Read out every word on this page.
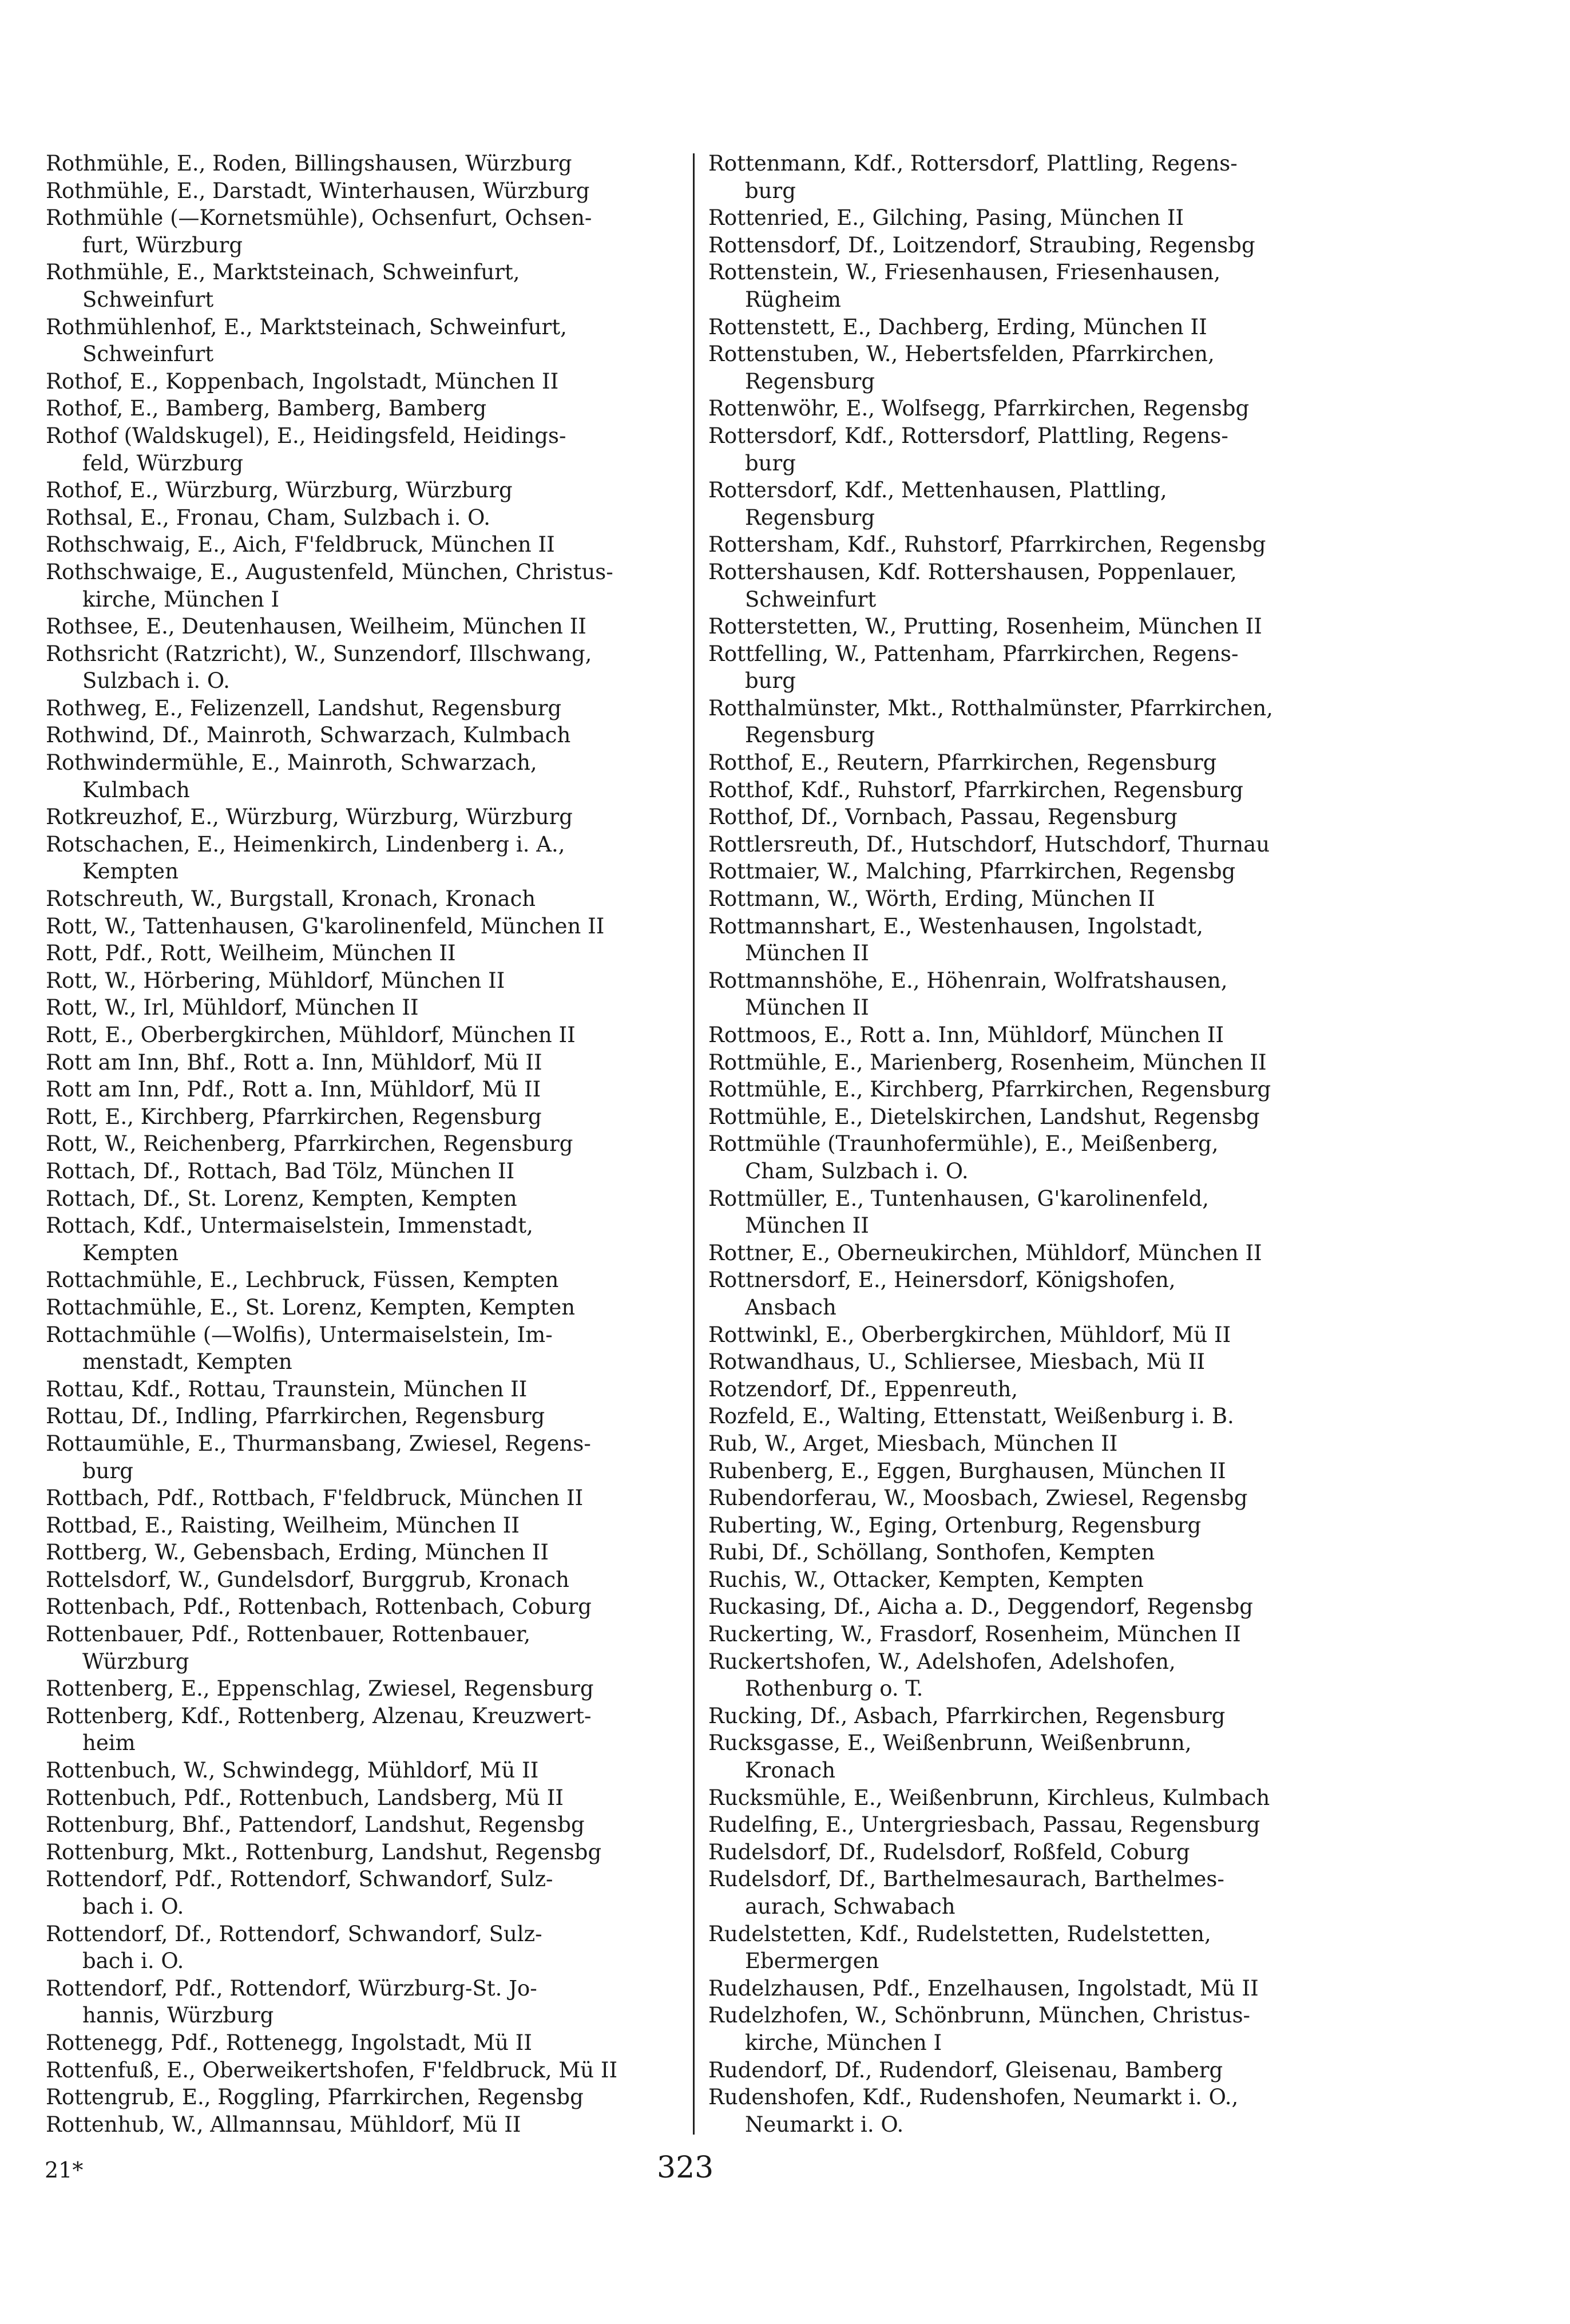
Rothmühle, E., Roden, Billingshausen, Würzburg
Rothmühle, E., Darstadt, Winterhausen, Würzburg
Rothmühle (—Kornetsmühle), Ochsenfurt, Ochsen-
furt, Würzburg
Rothmühle, E., Marktsteinach, Schweinfurt,
Schweinfurt
Rothmühlenhof, E., Marktsteinach, Schweinfurt,
Schweinfurt
Rothof, E., Koppenbach, Ingolstadt, München II
Rothof, E., Bamberg, Bamberg, Bamberg
Rothof (Waldskugel), E., Heidingsfeld, Heidings-
feld, Würzburg
Rothof, E., Würzburg, Würzburg, Würzburg
Rothsal, E., Fronau, Cham, Sulzbach i. O.
Rothschwaig, E., Aich, F'feldbruck, München II
Rothschwaige, E., Augustenfeld, München, Christus-
kirche, München I
Rothsee, E., Deutenhausen, Weilheim, München II
Rothsricht (Ratzricht), W., Sunzendorf, Illschwang,
Sulzbach i. O.
Rothweg, E., Felizenzell, Landshut, Regensburg
Rothwind, Df., Mainroth, Schwarzach, Kulmbach
Rothwindermühle, E., Mainroth, Schwarzach,
Kulmbach
Rotkreuzhof, E., Würzburg, Würzburg, Würzburg
Rotschachen, E., Heimenkirch, Lindenberg i. A.,
Kempten
Rotschreuth, W., Burgstall, Kronach, Kronach
Rott, W., Tattenhausen, G'karolinenfeld, München II
Rott, Pdf., Rott, Weilheim, München II
Rott, W., Hörbering, Mühldorf, München II
Rott, W., Irl, Mühldorf, München II
Rott, E., Oberbergkirchen, Mühldorf, München II
Rott am Inn, Bhf., Rott a. Inn, Mühldorf, Mü II
Rott am Inn, Pdf., Rott a. Inn, Mühldorf, Mü II
Rott, E., Kirchberg, Pfarrkirchen, Regensburg
Rott, W., Reichenberg, Pfarrkirchen, Regensburg
Rottach, Df., Rottach, Bad Tölz, München II
Rottach, Df., St. Lorenz, Kempten, Kempten
Rottach, Kdf., Untermaiselstein, Immenstadt,
Kempten
Rottachmühle, E., Lechbruck, Füssen, Kempten
Rottachmühle, E., St. Lorenz, Kempten, Kempten
Rottachmühle (—Wolfis), Untermaiselstein, Im-
menstadt, Kempten
Rottau, Kdf., Rottau, Traunstein, München II
Rottau, Df., Indling, Pfarrkirchen, Regensburg
Rottaumühle, E., Thurmansbang, Zwiesel, Regens-
burg
Rottbach, Pdf., Rottbach, F'feldbruck, München II
Rottbad, E., Raisting, Weilheim, München II
Rottberg, W., Gebensbach, Erding, München II
Rottelsdorf, W., Gundelsdorf, Burggrub, Kronach
Rottenbach, Pdf., Rottenbach, Rottenbach, Coburg
Rottenbauer, Pdf., Rottenbauer, Rottenbauer,
Würzburg
Rottenberg, E., Eppenschlag, Zwiesel, Regensburg
Rottenberg, Kdf., Rottenberg, Alzenau, Kreuzwert-
heim
Rottenbuch, W., Schwindegg, Mühldorf, Mü II
Rottenbuch, Pdf., Rottenbuch, Landsberg, Mü II
Rottenburg, Bhf., Pattendorf, Landshut, Regensbg
Rottenburg, Mkt., Rottenburg, Landshut, Regensbg
Rottendorf, Pdf., Rottendorf, Schwandorf, Sulz-
bach i. O.
Rottendorf, Df., Rottendorf, Schwandorf, Sulz-
bach i. O.
Rottendorf, Pdf., Rottendorf, Würzburg-St. Jo-
hannis, Würzburg
Rottenegg, Pdf., Rottenegg, Ingolstadt, Mü II
Rottenfuß, E., Oberweikertshofen, F'feldbruck, Mü II
Rottengrub, E., Roggling, Pfarrkirchen, Regensbg
Rottenhub, W., Allmannsau, Mühldorf, Mü II
Rottenmann, Kdf., Rottersdorf, Plattling, Regens-
burg
Rottenried, E., Gilching, Pasing, München II
Rottensdorf, Df., Loitzendorf, Straubing, Regensbg
Rottenstein, W., Friesenhausen, Friesenhausen,
Rügheim
Rottenstett, E., Dachberg, Erding, München II
Rottenstuben, W., Hebertsfelden, Pfarrkirchen,
Regensburg
Rottenwöhr, E., Wolfsegg, Pfarrkirchen, Regensbg
Rottersdorf, Kdf., Rottersdorf, Plattling, Regens-
burg
Rottersdorf, Kdf., Mettenhausen, Plattling,
Regensburg
Rottersham, Kdf., Ruhstorf, Pfarrkirchen, Regensbg
Rottershausen, Kdf. Rottershausen, Poppenlauer,
Schweinfurt
Rotterstetten, W., Prutting, Rosenheim, München II
Rottfelling, W., Pattenham, Pfarrkirchen, Regens-
burg
Rotthalmünster, Mkt., Rotthalmünster, Pfarrkirchen,
Regensburg
Rotthof, E., Reutern, Pfarrkirchen, Regensburg
Rotthof, Kdf., Ruhstorf, Pfarrkirchen, Regensburg
Rotthof, Df., Vornbach, Passau, Regensburg
Rottlersreuth, Df., Hutschdorf, Hutschdorf, Thurnau
Rottmaier, W., Malching, Pfarrkirchen, Regensbg
Rottmann, W., Wörth, Erding, München II
Rottmannshart, E., Westenhausen, Ingolstadt,
München II
Rottmannshöhe, E., Höhenrain, Wolfratshausen,
München II
Rottmoos, E., Rott a. Inn, Mühldorf, München II
Rottmühle, E., Marienberg, Rosenheim, München II
Rottmühle, E., Kirchberg, Pfarrkirchen, Regensburg
Rottmühle, E., Dietelskirchen, Landshut, Regensbg
Rottmühle (Traunhofermühle), E., Meißenberg,
Cham, Sulzbach i. O.
Rottmüller, E., Tuntenhausen, G'karolinenfeld,
München II
Rottner, E., Oberneukirchen, Mühldorf, München II
Rottnersdorf, E., Heinersdorf, Königshofen,
Ansbach
Rottwinkl, E., Oberbergkirchen, Mühldorf, Mü II
Rotwandhaus, U., Schliersee, Miesbach, Mü II
Rotzendorf, Df., Eppenreuth,
Rozfeld, E., Walting, Ettenstatt, Weißenburg i. B.
Rub, W., Arget, Miesbach, München II
Rubenberg, E., Eggen, Burghausen, München II
Rubendorferau, W., Moosbach, Zwiesel, Regensbg
Ruberting, W., Eging, Ortenburg, Regensburg
Rubi, Df., Schöllang, Sonthofen, Kempten
Ruchis, W., Ottacker, Kempten, Kempten
Ruckasing, Df., Aicha a. D., Deggendorf, Regensbg
Ruckerting, W., Frasdorf, Rosenheim, München II
Ruckertshofen, W., Adelshofen, Adelshofen,
Rothenburg o. T.
Rucking, Df., Asbach, Pfarrkirchen, Regensburg
Rucksgasse, E., Weißenbrunn, Weißenbrunn,
Kronach
Rucksmühle, E., Weißenbrunn, Kirchleus, Kulmbach
Rudelfing, E., Untergriesbach, Passau, Regensburg
Rudelsdorf, Df., Rudelsdorf, Roßfeld, Coburg
Rudelsdorf, Df., Barthelmesaurach, Barthelmes-
aurach, Schwabach
Rudelstetten, Kdf., Rudelstetten, Rudelstetten,
Ebermergen
Rudelzhausen, Pdf., Enzelhausen, Ingolstadt, Mü II
Rudelzhofen, W., Schönbrunn, München, Christus-
kirche, München I
Rudendorf, Df., Rudendorf, Gleisenau, Bamberg
Rudenshofen, Kdf., Rudenshofen, Neumarkt i. O.,
Neumarkt i. O.
21*	323
